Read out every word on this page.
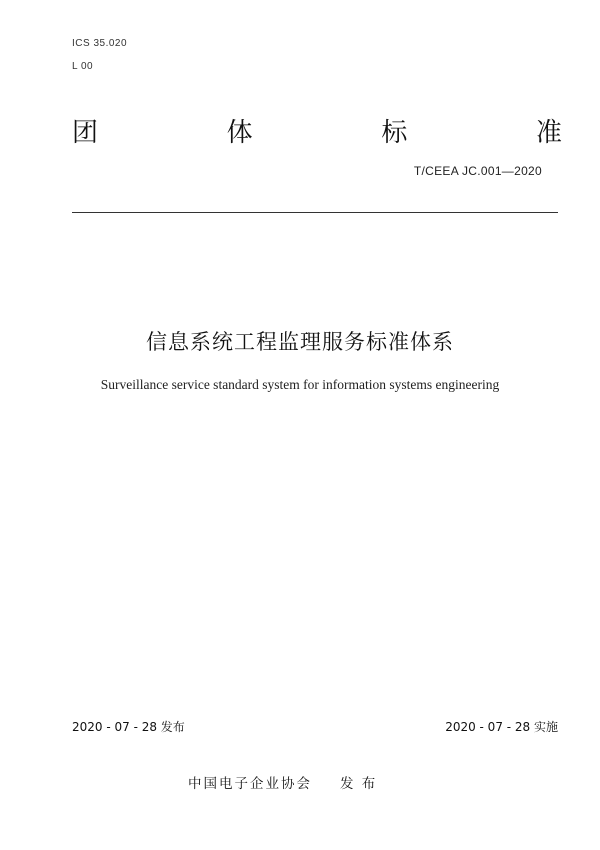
ICS 35.020
L 00
团	体	标	准
T/CEEA JC.001—2020
信息系统工程监理服务标准体系
Surveillance service standard system for information systems engineering
2020 - 07 - 28 发布	2020 - 07 - 28 实施
中国电子企业协会 发 布
